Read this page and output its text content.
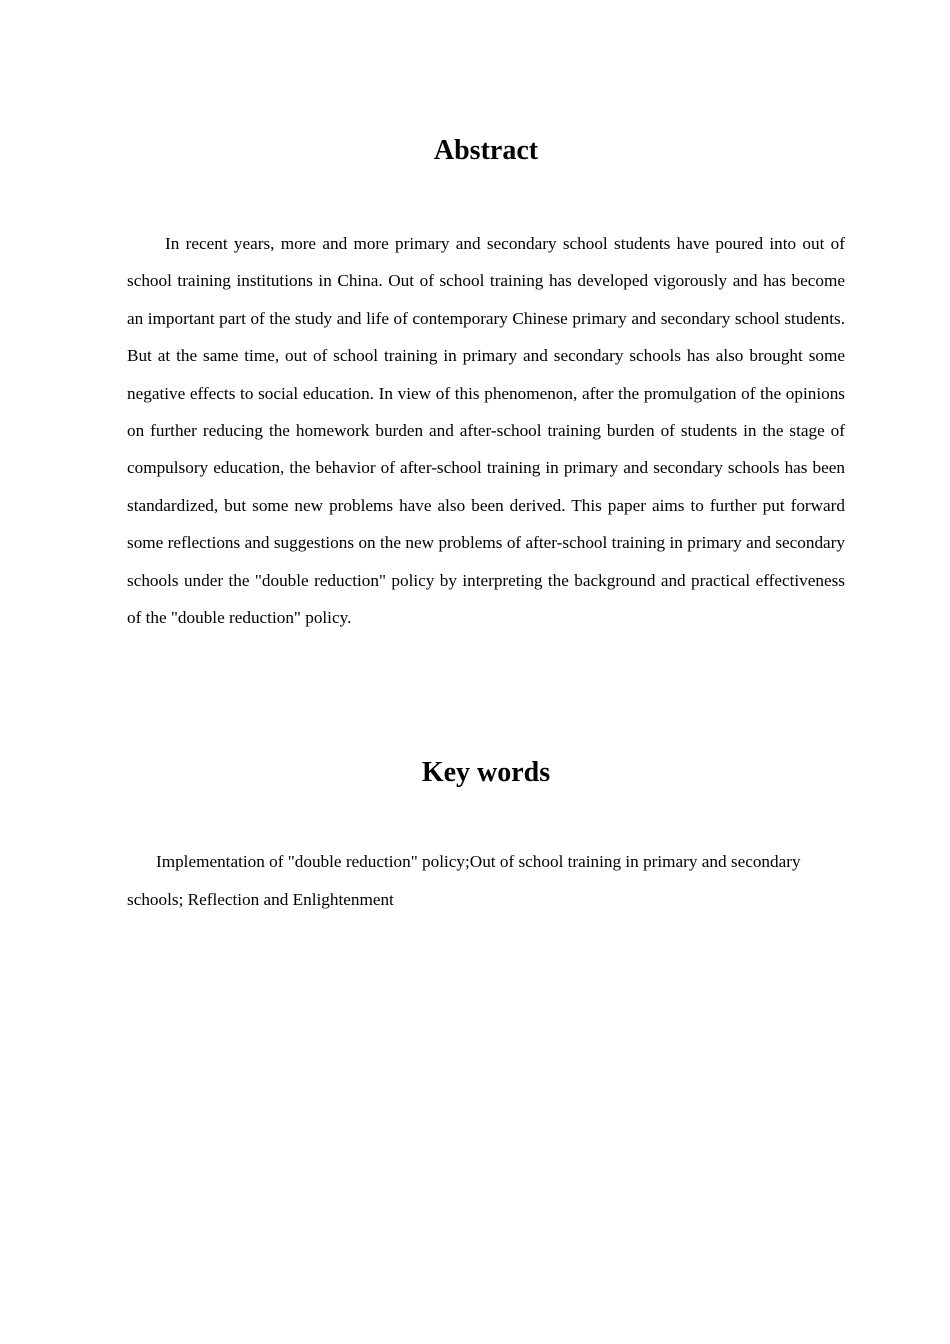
Abstract

In recent years, more and more primary and secondary school students have poured into out of school training institutions in China. Out of school training has developed vigorously and has become an important part of the study and life of contemporary Chinese primary and secondary school students. But at the same time, out of school training in primary and secondary schools has also brought some negative effects to social education. In view of this phenomenon, after the promulgation of the opinions on further reducing the homework burden and after-school training burden of students in the stage of compulsory education, the behavior of after-school training in primary and secondary schools has been standardized, but some new problems have also been derived. This paper aims to further put forward some reflections and suggestions on the new problems of after-school training in primary and secondary schools under the "double reduction" policy by interpreting the background and practical effectiveness of the "double reduction" policy.

Key words

Implementation of "double reduction" policy;Out of school training in primary and secondary schools; Reflection and Enlightenment
